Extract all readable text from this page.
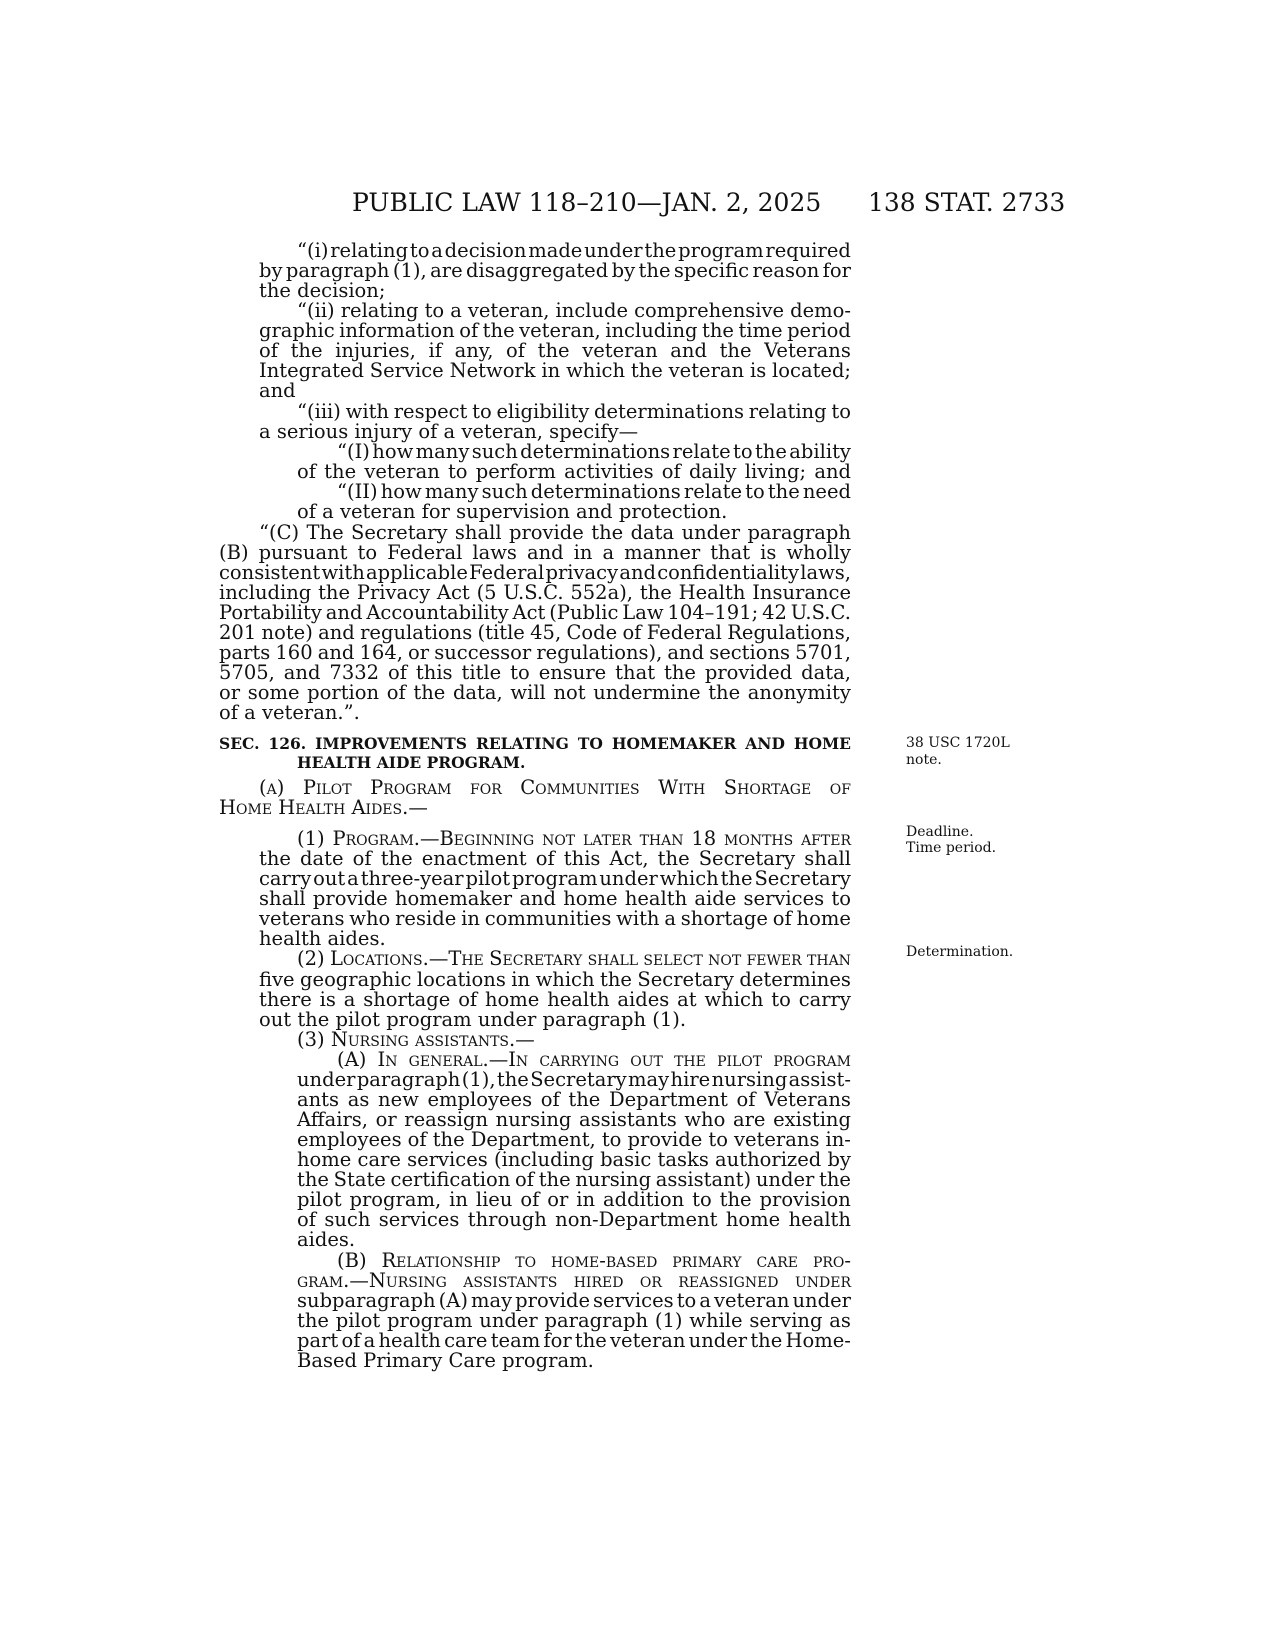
PUBLIC LAW 118–210—JAN. 2, 2025 138 STAT. 2733
“(i) relating to a decision made under the program required
by paragraph (1), are disaggregated by the specific reason for
the decision;
“(ii) relating to a veteran, include comprehensive demo-
graphic information of the veteran, including the time period
of the injuries, if any, of the veteran and the Veterans
Integrated Service Network in which the veteran is located;
and
“(iii) with respect to eligibility determinations relating to
a serious injury of a veteran, specify—
“(I) how many such determinations relate to the ability
of the veteran to perform activities of daily living; and
“(II) how many such determinations relate to the need
of a veteran for supervision and protection.
“(C) The Secretary shall provide the data under paragraph
(B) pursuant to Federal laws and in a manner that is wholly
consistent with applicable Federal privacy and confidentiality laws,
including the Privacy Act (5 U.S.C. 552a), the Health Insurance
Portability and Accountability Act (Public Law 104–191; 42 U.S.C.
201 note) and regulations (title 45, Code of Federal Regulations,
parts 160 and 164, or successor regulations), and sections 5701,
5705, and 7332 of this title to ensure that the provided data,
or some portion of the data, will not undermine the anonymity
of a veteran.”.
SEC. 126. IMPROVEMENTS RELATING TO HOMEMAKER AND HOME
HEALTH AIDE PROGRAM.
(a) Pilot Program for Communities With Shortage of
Home Health Aides.—
(1) Program.—Beginning not later than 18 months after
the date of the enactment of this Act, the Secretary shall
carry out a three-year pilot program under which the Secretary
shall provide homemaker and home health aide services to
veterans who reside in communities with a shortage of home
health aides.
(2) Locations.—The Secretary shall select not fewer than
five geographic locations in which the Secretary determines
there is a shortage of home health aides at which to carry
out the pilot program under paragraph (1).
(3) Nursing assistants.—
(A) In general.—In carrying out the pilot program
under paragraph (1), the Secretary may hire nursing assist-
ants as new employees of the Department of Veterans
Affairs, or reassign nursing assistants who are existing
employees of the Department, to provide to veterans in-
home care services (including basic tasks authorized by
the State certification of the nursing assistant) under the
pilot program, in lieu of or in addition to the provision
of such services through non-Department home health
aides.
(B) Relationship to home-based primary care pro-
gram.—Nursing assistants hired or reassigned under
subparagraph (A) may provide services to a veteran under
the pilot program under paragraph (1) while serving as
part of a health care team for the veteran under the Home-
Based Primary Care program.
38 USC 1720L
note.
Deadline.
Time period.
Determination.
